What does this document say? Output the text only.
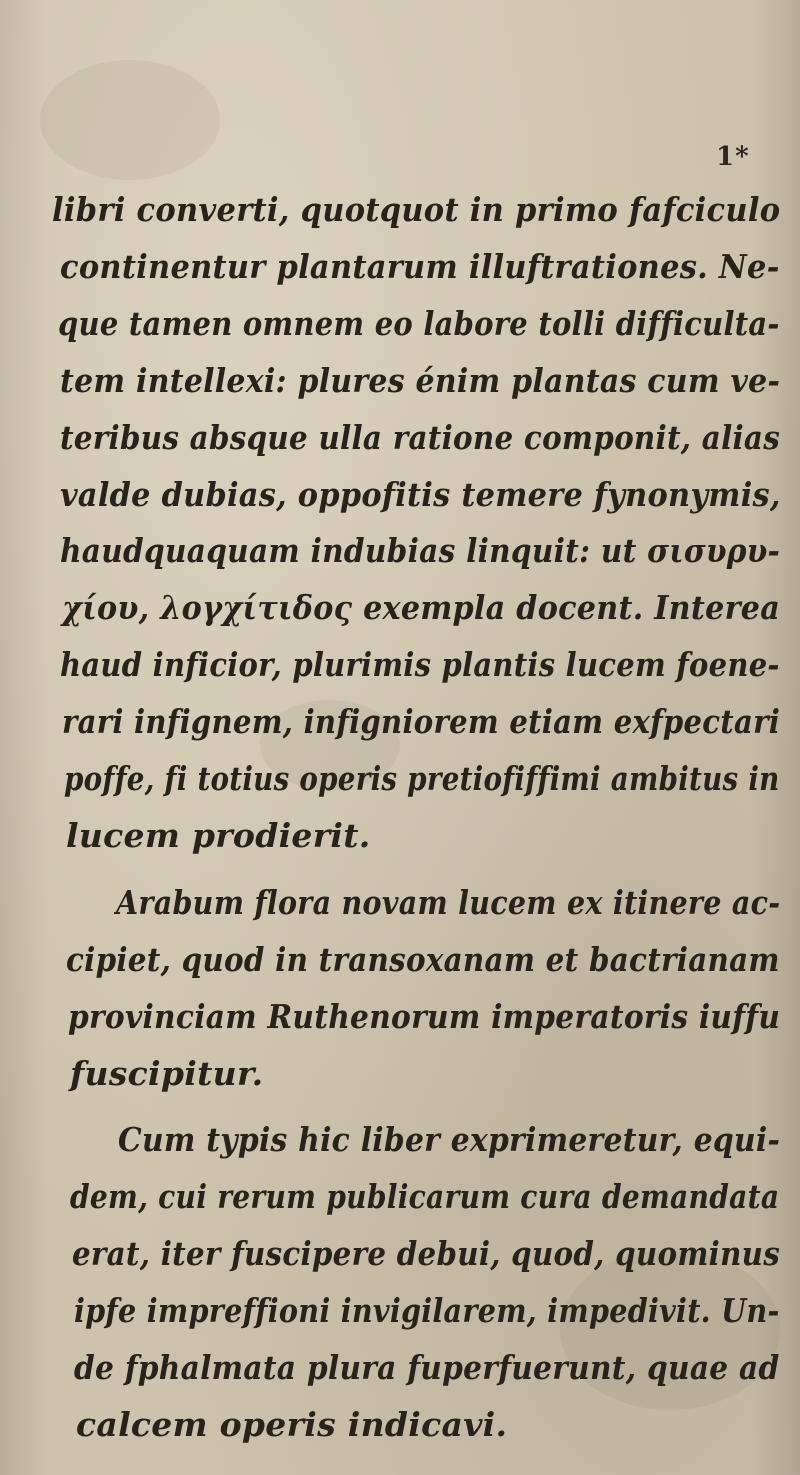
1*
libri converti, quotquot in primo fafciculo
continentur plantarum illuftrationes. Ne-
que tamen omnem eo labore tolli difficulta-
tem intellexi: plures énim plantas cum ve-
teribus absque ulla ratione componit, alias
valde dubias, oppofitis temere fynonymis,
haudquaquam indubias linquit: ut σισυρυ-
χίου, λογχίτιδος exempla docent. Interea
haud inficior, plurimis plantis lucem foene-
rari infignem, infigniorem etiam exfpectari
poffe, fi totius operis pretiofiffimi ambitus in
lucem prodierit.
Arabum flora novam lucem ex itinere ac-
cipiet, quod in transoxanam et bactrianam
provinciam Ruthenorum imperatoris iuffu
fuscipitur.
Cum typis hic liber exprimeretur, equi-
dem, cui rerum publicarum cura demandata
erat, iter fuscipere debui, quod, quominus
ipfe impreffioni invigilarem, impedivit. Un-
de fphalmata plura fuperfuerunt, quae ad
calcem operis indicavi.
